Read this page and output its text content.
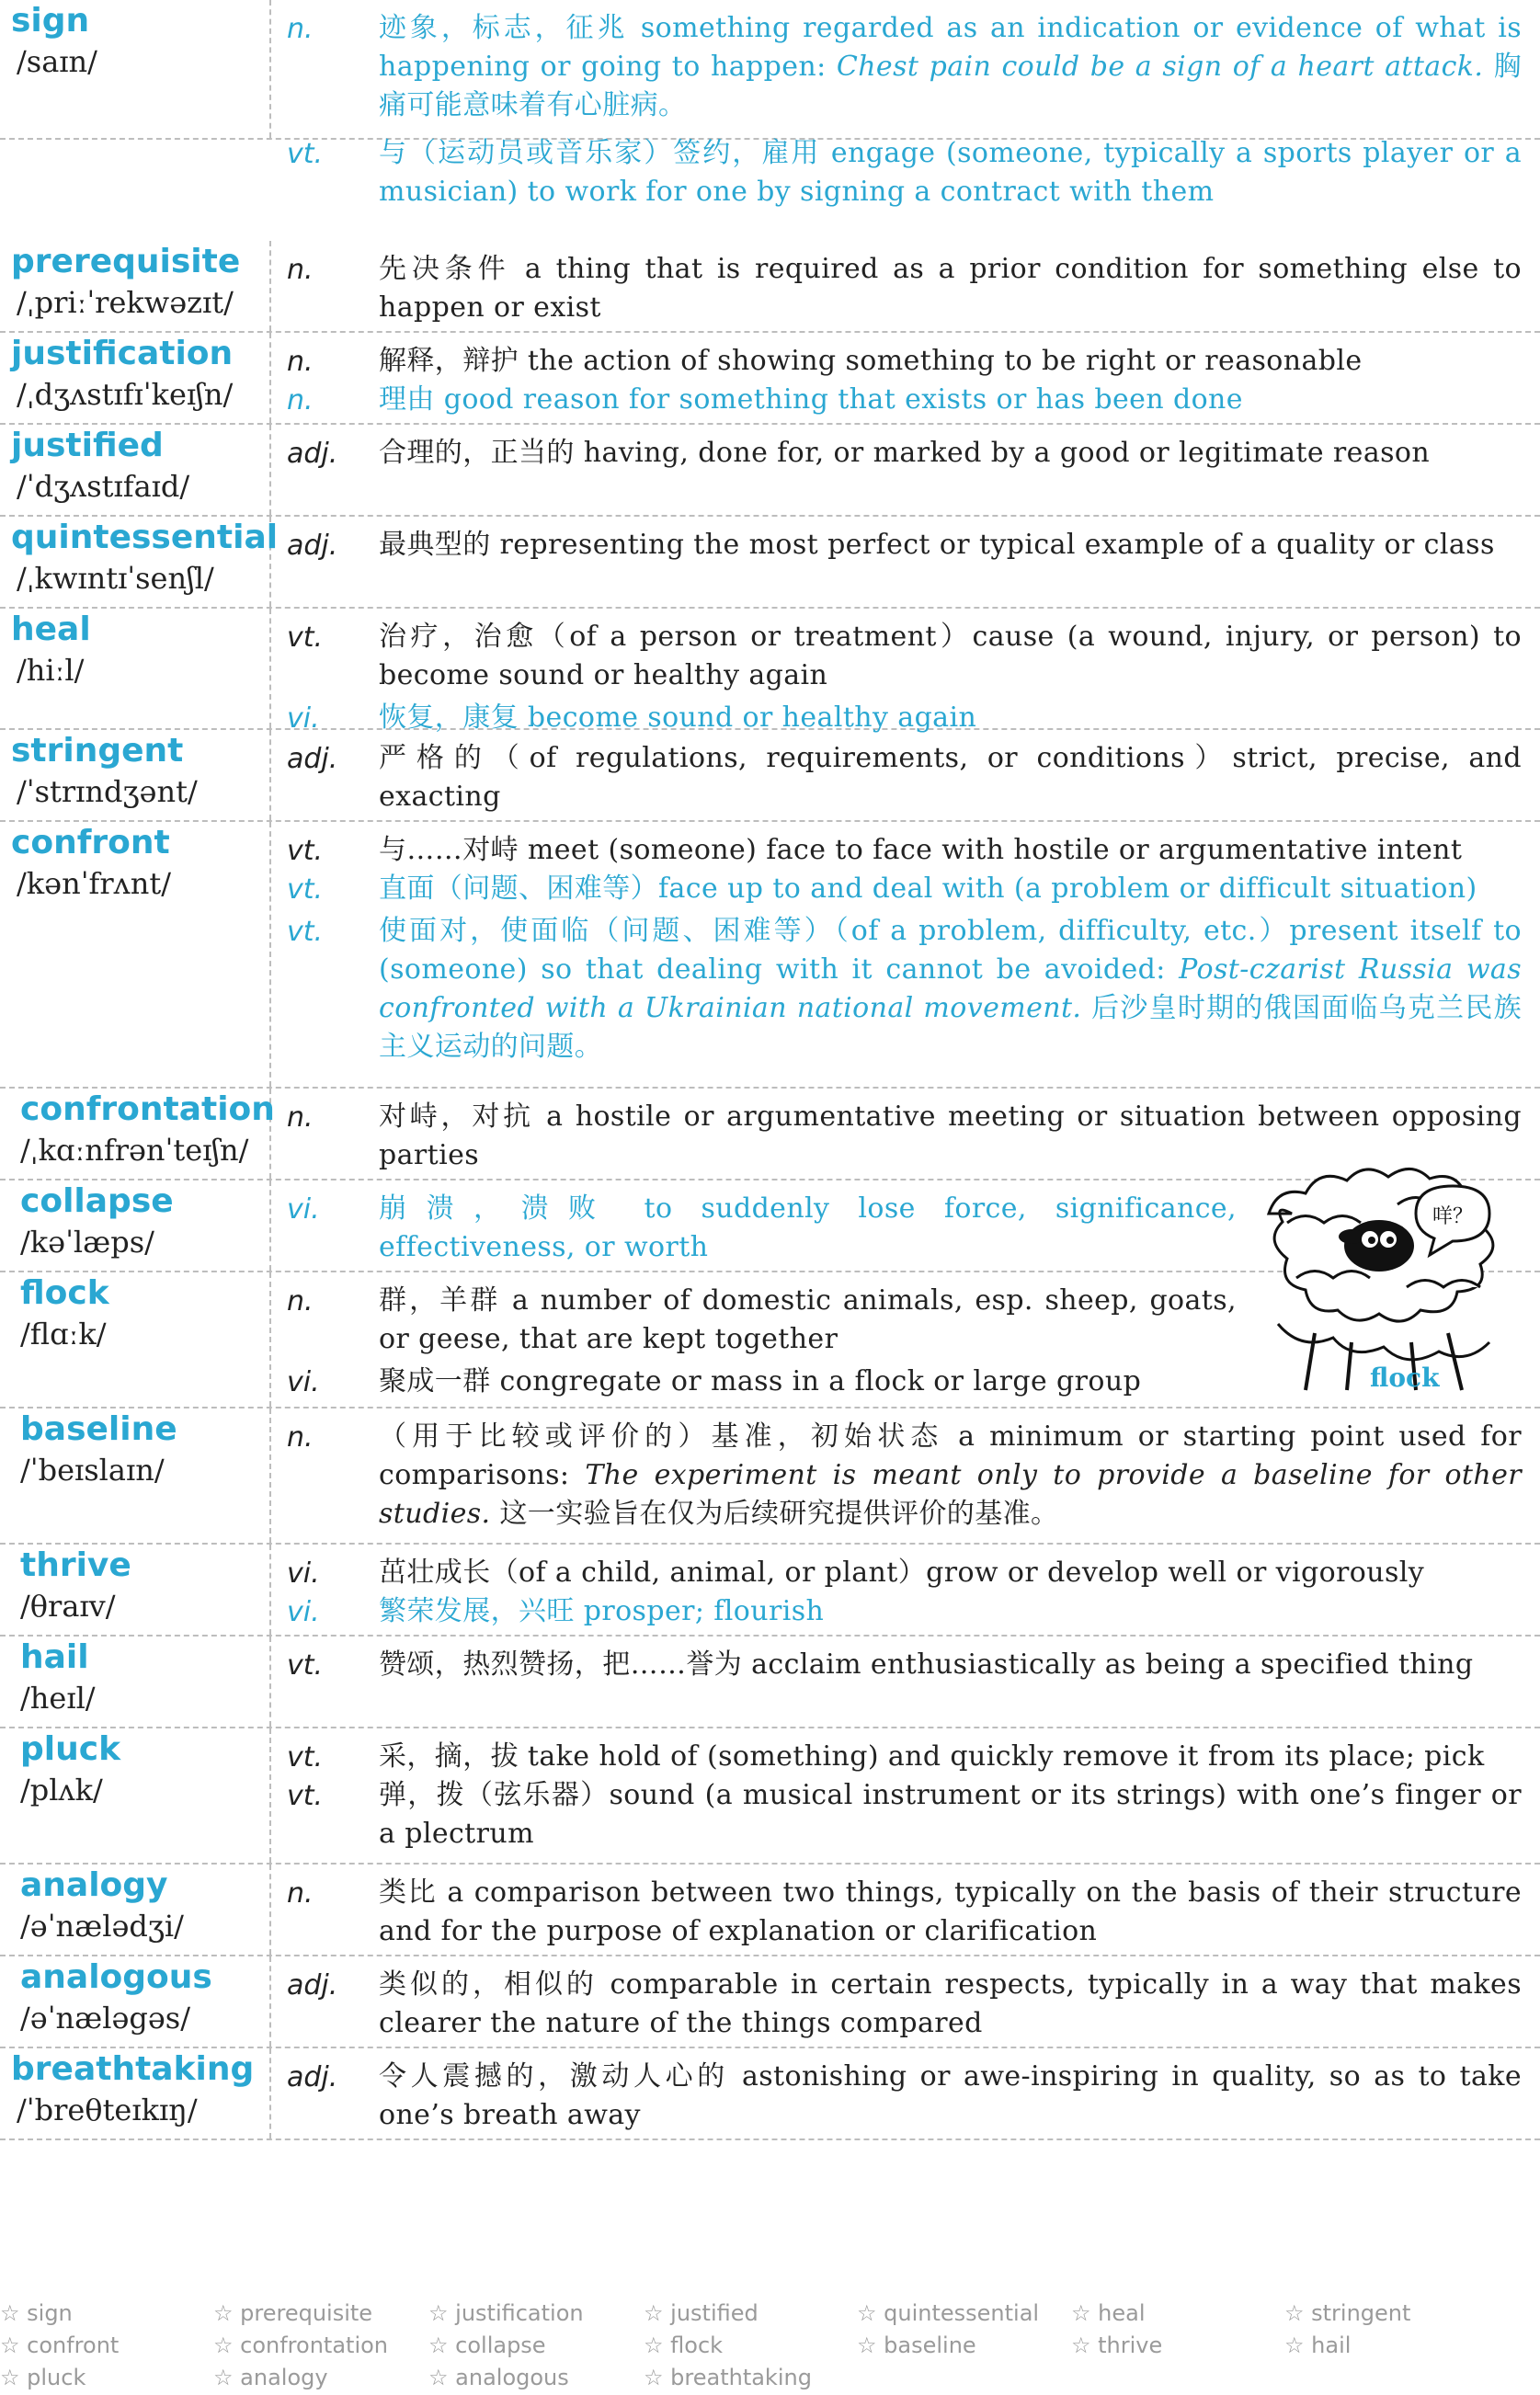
sign
/saɪn/
n.	迹象，标志，征兆 something regarded as an indication or evidence of what is happening or going to happen: Chest pain could be a sign of a heart attack. 胸痛可能意味着有心脏病。
vt.	与（运动员或音乐家）签约，雇用 engage (someone, typically a sports player or a musician) to work for one by signing a contract with them
prerequisite
/ˌpriːˈrekwəzɪt/
n.	先决条件 a thing that is required as a prior condition for something else to happen or exist
justification
/ˌdʒʌstɪfɪˈkeɪʃn/
n.	解释，辩护 the action of showing something to be right or reasonable
n.	理由 good reason for something that exists or has been done
justified
/ˈdʒʌstɪfaɪd/
adj.	合理的，正当的 having, done for, or marked by a good or legitimate reason
quintessential
/ˌkwɪntɪˈsenʃl/
adj.	最典型的 representing the most perfect or typical example of a quality or class
heal
/hiːl/
vt.	治疗，治愈（of a person or treatment）cause (a wound, injury, or person) to become sound or healthy again
vi.	恢复，康复 become sound or healthy again
stringent
/ˈstrɪndʒənt/
adj.	严格的（of regulations, requirements, or conditions）strict, precise, and exacting
confront
/kənˈfrʌnt/
vt.	与……对峙 meet (someone) face to face with hostile or argumentative intent
vt.	直面（问题、困难等）face up to and deal with (a problem or difficult situation)
vt.	使面对，使面临（问题、困难等）（of a problem, difficulty, etc.）present itself to (someone) so that dealing with it cannot be avoided: Post-czarist Russia was confronted with a Ukrainian national movement. 后沙皇时期的俄国面临乌克兰民族主义运动的问题。
confrontation
/ˌkɑːnfrənˈteɪʃn/
n.	对峙，对抗 a hostile or argumentative meeting or situation between opposing parties
collapse
/kəˈlæps/
vi.	崩溃，溃败 to suddenly lose force, significance, effectiveness, or worth
flock
/flɑːk/
n.	群，羊群 a number of domestic animals, esp. sheep, goats, or geese, that are kept together
vi.	聚成一群 congregate or mass in a flock or large group
baseline
/ˈbeɪslaɪn/
n.	（用于比较或评价的）基准，初始状态 a minimum or starting point used for comparisons: The experiment is meant only to provide a baseline for other studies. 这一实验旨在仅为后续研究提供评价的基准。
thrive
/θraɪv/
vi.	茁壮成长（of a child, animal, or plant）grow or develop well or vigorously
vi.	繁荣发展，兴旺 prosper; flourish
hail
/heɪl/
vt.	赞颂，热烈赞扬，把……誉为 acclaim enthusiastically as being a specified thing
pluck
/plʌk/
vt.	采，摘，拔 take hold of (something) and quickly remove it from its place; pick
vt.	弹，拨（弦乐器）sound (a musical instrument or its strings) with one’s finger or a plectrum
analogy
/əˈnælədʒi/
n.	类比 a comparison between two things, typically on the basis of their structure and for the purpose of explanation or clarification
analogous
/əˈnæləgəs/
adj.	类似的，相似的 comparable in certain respects, typically in a way that makes clearer the nature of the things compared
breathtaking
/ˈbreθteɪkɪŋ/
adj.	令人震撼的，激动人心的 astonishing or awe-inspiring in quality, so as to take one’s breath away
咩？
flock
☆ sign	☆ prerequisite	☆ justification	☆ justified	☆ quintessential ☆ heal	☆ stringent
☆ confront	☆ confrontation ☆ collapse	☆ flock	☆ baseline	☆ thrive	☆ hail
☆ pluck	☆ analogy	☆ analogous	☆ breathtaking
